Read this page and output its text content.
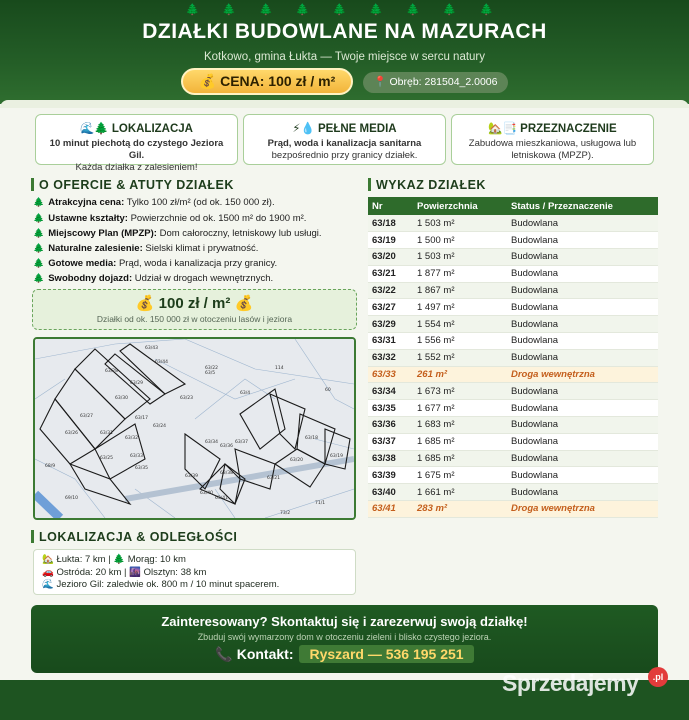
🌲 🌲 🌲 🌲 🌲 🌲 🌲 🌲 🌲
DZIAŁKI BUDOWLANE NA MAZURACH
Kotkowo, gmina Łukta — Twoje miejsce w sercu natury
💰 CENA: 100 zł / m²	📍 Obręb: 281504_2.0006
🌊🌲 LOKALIZACJA
10 minut piechotą do czystego Jeziora Gil.
Każda działka z zalesieniem!
⚡💧 PEŁNE MEDIA
Prąd, woda i kanalizacja sanitarna
bezpośrednio przy granicy działek.
🏡📑 PRZEZNACZENIE
Zabudowa mieszkaniowa, usługowa lub
letniskowa (MPZP).
O OFERCIE & ATUTY DZIAŁEK
🌲 Atrakcyjna cena: Tylko 100 zł/m² (od ok. 150 000 zł).
🌲 Ustawne kształty: Powierzchnie od ok. 1500 m² do 1900 m².
🌲 Miejscowy Plan (MPZP): Dom całoroczny, letniskowy lub usługi.
🌲 Naturalne zalesienie: Sielski klimat i prywatność.
🌲 Gotowe media: Prąd, woda i kanalizacja przy granicy.
🌲 Swobodny dojazd: Udział w drogach wewnętrznych.
💰 100 zł / m² 💰
Działki od ok. 150 000 zł w otoczeniu lasów i jeziora
63/43
63/44
63/28
63/29
63/30
63/27
63/31
63/32
63/33
63/26
63/25
63/35
63/34
63/36
63/37
63/38
63/24
63/23
63/22
63/18
63/19
63/20
63/21
63/40
63/41
63/39
63/4
63/5
63/17
68/9
69/10
71/1
73/2
60
114
LOKALIZACJA & ODLEGŁOŚCI
🏡 Łukta: 7 km | 🌲 Morąg: 10 km
🚗 Ostróda: 20 km | 🌆 Olsztyn: 38 km
🌊 Jezioro Gil: zaledwie ok. 800 m / 10 minut spacerem.
WYKAZ DZIAŁEK
Nr	Powierzchnia	Status / Przeznaczenie
63/18	1 503 m²	Budowlana
63/19	1 500 m²	Budowlana
63/20	1 503 m²	Budowlana
63/21	1 877 m²	Budowlana
63/22	1 867 m²	Budowlana
63/27	1 497 m²	Budowlana
63/29	1 554 m²	Budowlana
63/31	1 556 m²	Budowlana
63/32	1 552 m²	Budowlana
63/33	261 m²	Droga wewnętrzna
63/34	1 673 m²	Budowlana
63/35	1 677 m²	Budowlana
63/36	1 683 m²	Budowlana
63/37	1 685 m²	Budowlana
63/38	1 685 m²	Budowlana
63/39	1 675 m²	Budowlana
63/40	1 661 m²	Budowlana
63/41	283 m²	Droga wewnętrzna
Zainteresowany? Skontaktuj się i zarezerwuj swoją działkę!
Zbuduj swój wymarzony dom w otoczeniu zieleni i blisko czystego jeziora.
📞 Kontakt: Ryszard — 536 195 251
Sprzedajemy	.pl
